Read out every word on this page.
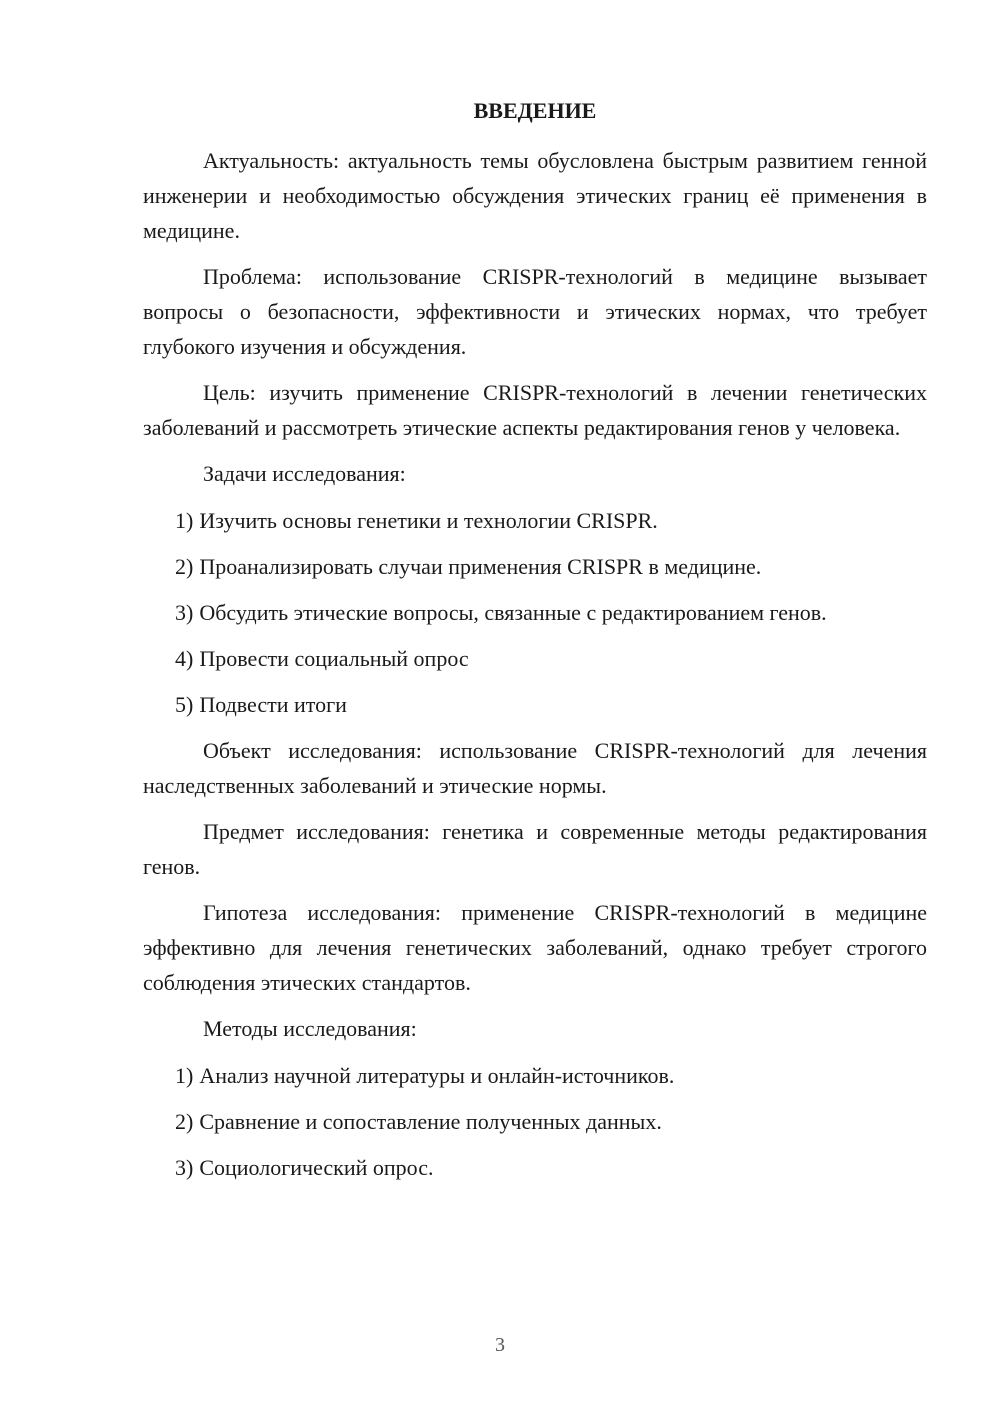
ВВЕДЕНИЕ

Актуальность: актуальность темы обусловлена быстрым развитием генной инженерии и необходимостью обсуждения этических границ её применения в медицине.

Проблема: использование CRISPR-технологий в медицине вызывает вопросы о безопасности, эффективности и этических нормах, что требует глубокого изучения и обсуждения.

Цель: изучить применение CRISPR-технологий в лечении генетических заболеваний и рассмотреть этические аспекты редактирования генов у человека.

Задачи исследования:

1) Изучить основы генетики и технологии CRISPR.
2) Проанализировать случаи применения CRISPR в медицине.
3) Обсудить этические вопросы, связанные с редактированием генов.
4) Провести социальный опрос
5) Подвести итоги

Объект исследования: использование CRISPR-технологий для лечения наследственных заболеваний и этические нормы.

Предмет исследования: генетика и современные методы редактирования генов.

Гипотеза исследования: применение CRISPR-технологий в медицине эффективно для лечения генетических заболеваний, однако требует строгого соблюдения этических стандартов.

Методы исследования:

1) Анализ научной литературы и онлайн-источников.
2) Сравнение и сопоставление полученных данных.
3) Социологический опрос.
3
